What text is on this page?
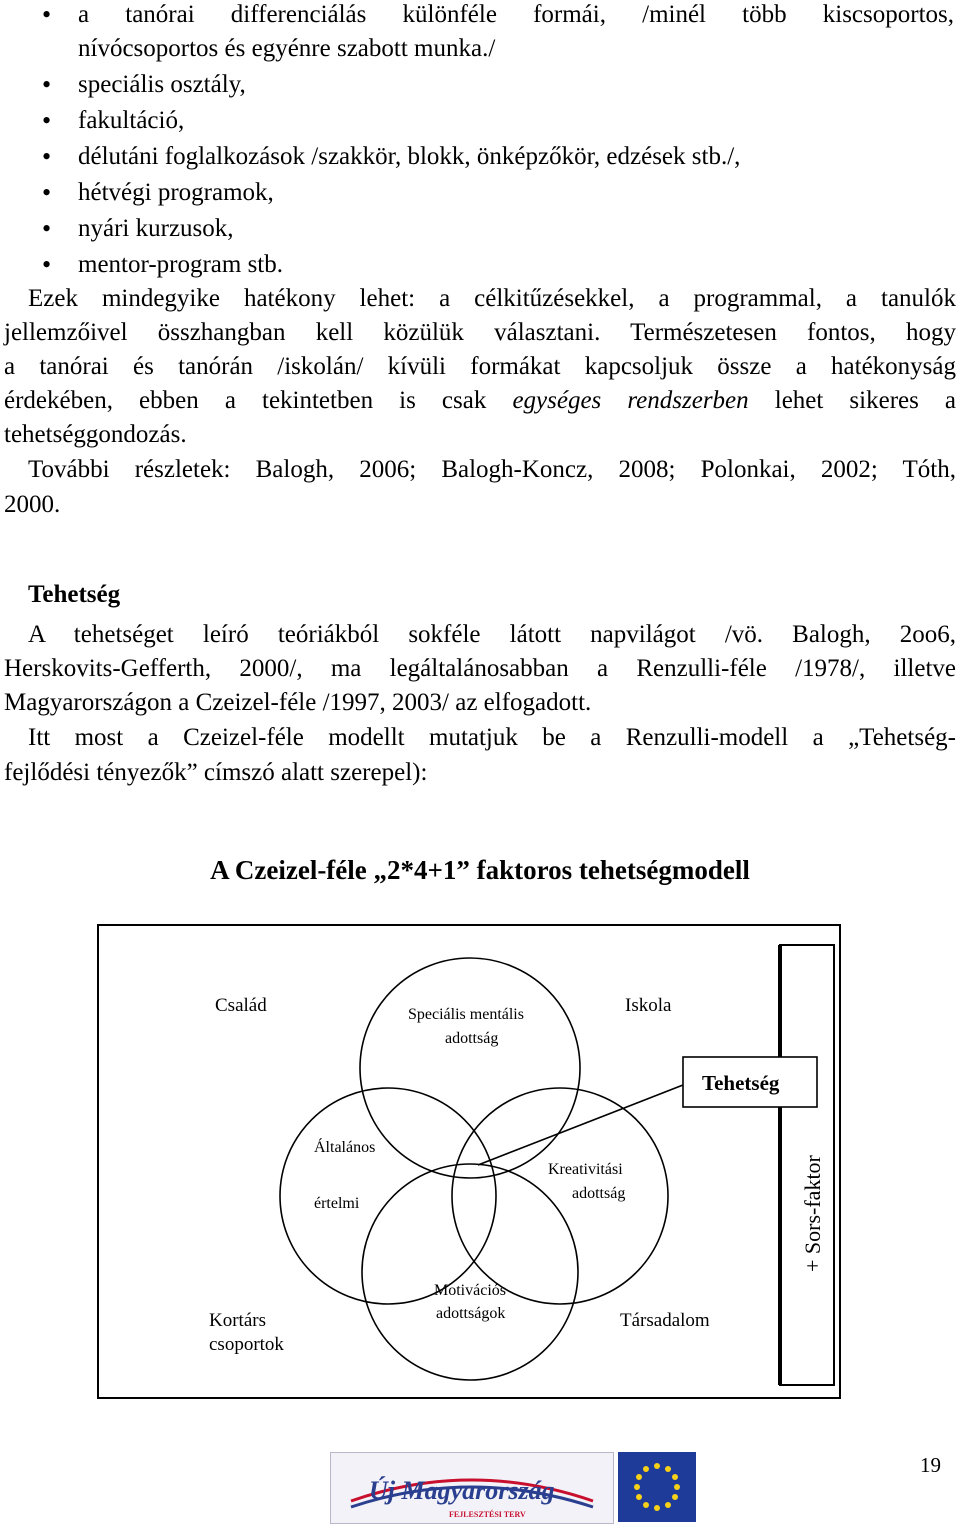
• a tanórai differenciálás különféle formái, /minél több kiscsoportos,
• speciális osztály,
• fakultáció,
• délutáni foglalkozások /szakkör, blokk, önképzőkör, edzések stb./,
• hétvégi programok,
• nyári kurzusok,
• mentor-program stb.
nívócsoportos és egyénre szabott munka./
Ezek mindegyike hatékony lehet: a célkitűzésekkel, a programmal, a tanulók
jellemzőivel összhangban kell közülük választani. Természetesen fontos, hogy
a tanórai és tanórán /iskolán/ kívüli formákat kapcsoljuk össze a hatékonyság
érdekében, ebben a tekintetben is csak egységes rendszerben lehet sikeres a
tehetséggondozás.
További részletek: Balogh, 2006; Balogh-Koncz, 2008; Polonkai, 2002; Tóth,
2000.
Tehetség
A tehetséget leíró teóriákból sokféle látott napvilágot /vö. Balogh, 2oo6,
Herskovits-Gefferth, 2000/, ma legáltalánosabban a Renzulli-féle /1978/, illetve
Magyarországon a Czeizel-féle /1997, 2003/ az elfogadott.
Itt most a Czeizel-féle modellt mutatjuk be a Renzulli-modell a „Tehetség-
fejlődési tényezők” címszó alatt szerepel):
A Czeizel-féle „2*4+1” faktoros tehetségmodell
Család	Speciális mentális
adottság
Iskola
Tehetség
Általános
értelmi
Kreativitási
adottság
Motivációs
adottságok
Kortárs
csoportok
Társadalom
+ Sors-faktor
Új Magyarország
FEJLESZTÉSI TERV
19
